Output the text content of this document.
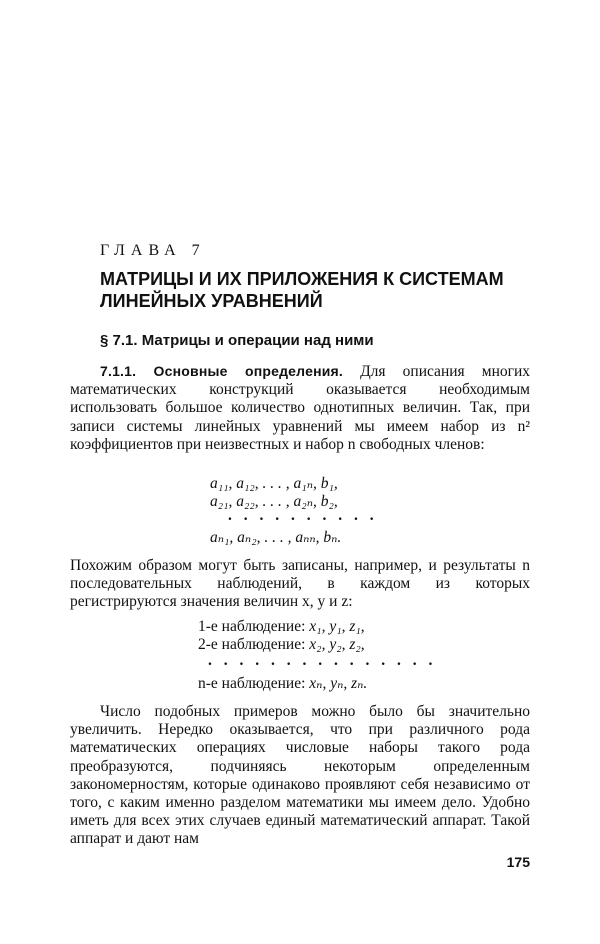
ГЛАВА 7
МАТРИЦЫ И ИХ ПРИЛОЖЕНИЯ К СИСТЕМАМ
ЛИНЕЙНЫХ УРАВНЕНИЙ
§ 7.1. Матрицы и операции над ними
7.1.1. Основные определения. Для описания многих математических конструкций оказывается необходимым использовать большое количество однотипных величин. Так, при записи системы линейных уравнений мы имеем набор из n² коэффициентов при неизвестных и набор n свободных членов:
a₁₁, a₁₂, . . . , a₁ₙ, b₁,
a₂₁, a₂₂, . . . , a₂ₙ, b₂,
. . . . . . . . . .
aₙ₁, aₙ₂, . . . , aₙₙ, bₙ.
Похожим образом могут быть записаны, например, и результаты n последовательных наблюдений, в каждом из которых регистрируются значения величин x, y и z:
1-е наблюдение: x₁, y₁, z₁,
2-е наблюдение: x₂, y₂, z₂,
. . . . . . . . . . . . . . .
n-е наблюдение: xₙ, yₙ, zₙ.
Число подобных примеров можно было бы значительно увеличить. Нередко оказывается, что при различного рода математических операциях числовые наборы такого рода преобразуются, подчиняясь некоторым определенным закономерностям, которые одинаково проявляют себя независимо от того, с каким именно разделом математики мы имеем дело. Удобно иметь для всех этих случаев единый математический аппарат. Такой аппарат и дают нам
175
